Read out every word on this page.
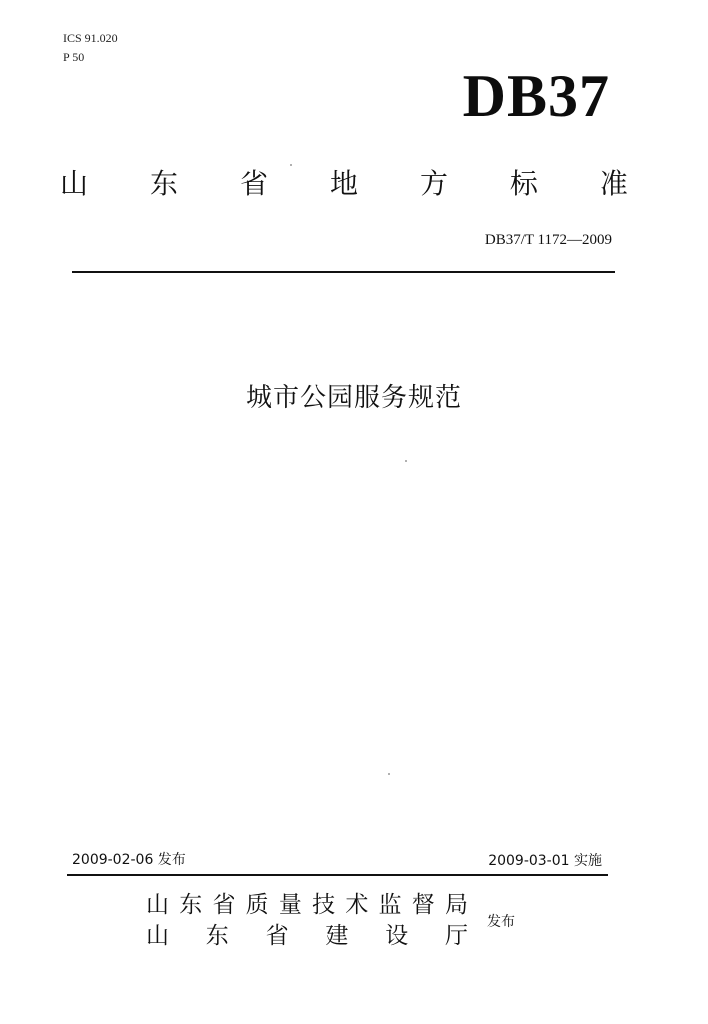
ICS 91.020
P 50
DB37
山 东 省 地 方 标 准
DB37/T 1172—2009
城市公园服务规范
2009-02-06 发布	2009-03-01 实施
山 东 省 质 量 技 术 监 督 局
山 东 省 建 设 厅
发布
